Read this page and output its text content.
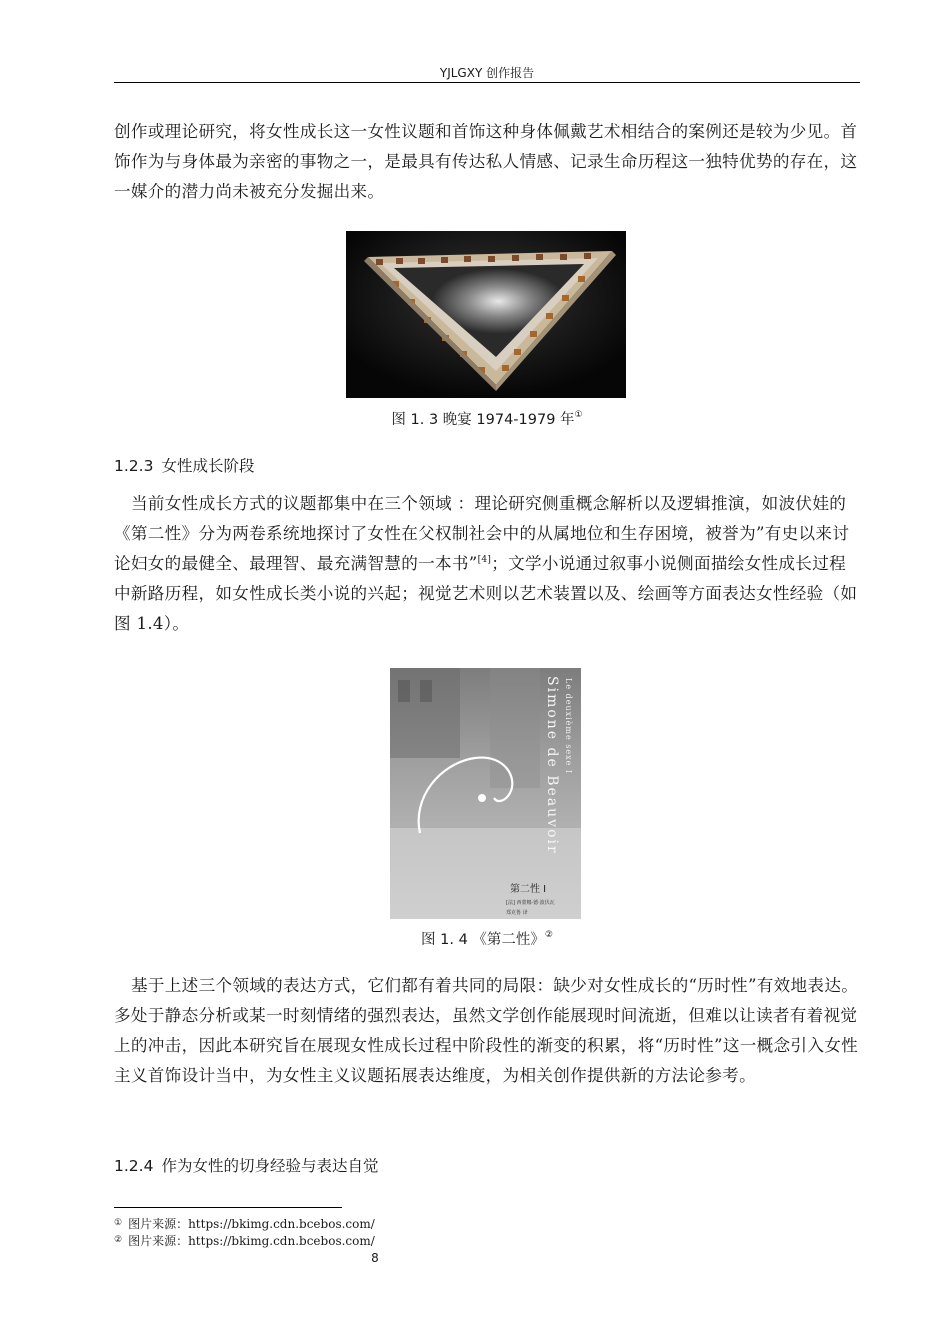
YJLGXY 创作报告

创作或理论研究，将女性成长这一女性议题和首饰这种身体佩戴艺术相结合的案例还是较为少见。首饰作为与身体最为亲密的事物之一，是最具有传达私人情感、记录生命历程这一独特优势的存在，这一媒介的潜力尚未被充分发掘出来。

图 1. 3 晚宴 1974-1979 年①
1.2.3 女性成长阶段

当前女性成长方式的议题都集中在三个领域 ：理论研究侧重概念解析以及逻辑推演，如波伏娃的《第二性》分为两卷系统地探讨了女性在父权制社会中的从属地位和生存困境，被誉为”有史以来讨论妇女的最健全、最理智、最充满智慧的一本书”[4]；文学小说通过叙事小说侧面描绘女性成长过程中新路历程，如女性成长类小说的兴起；视觉艺术则以艺术装置以及、绘画等方面表达女性经验（如图 1.4）。

Le deuxième sexe I
Simone de Beauvoir
第二性 Ⅰ
[法] 西蒙娜·德·波伏瓦
郑克鲁 译
图 1. 4 《第二性》②

基于上述三个领域的表达方式，它们都有着共同的局限：缺少对女性成长的“历时性”有效地表达。多处于静态分析或某一时刻情绪的强烈表达，虽然文学创作能展现时间流逝，但难以让读者有着视觉上的冲击，因此本研究旨在展现女性成长过程中阶段性的渐变的积累，将“历时性”这一概念引入女性主义首饰设计当中，为女性主义议题拓展表达维度，为相关创作提供新的方法论参考。

1.2.4 作为女性的切身经验与表达自觉
① 图片来源：https://bkimg.cdn.bcebos.com/
② 图片来源：https://bkimg.cdn.bcebos.com/
8
